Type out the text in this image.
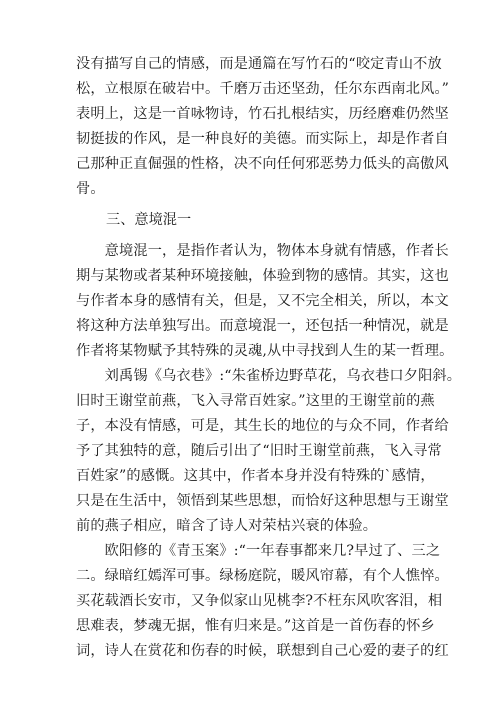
没有描写自己的情感，而是通篇在写竹石的“咬定青山不放
松，立根原在破岩中。千磨万击还坚劲，任尔东西南北风。”
表明上，这是一首咏物诗，竹石扎根结实，历经磨难仍然坚
韧挺拔的作风，是一种良好的美德。而实际上，却是作者自
己那种正直倔强的性格，决不向任何邪恶势力低头的高傲风
骨。

三、意境混一

　　意境混一，是指作者认为，物体本身就有情感，作者长
期与某物或者某种环境接触，体验到物的感情。其实，这也
与作者本身的感情有关，但是，又不完全相关，所以，本文
将这种方法单独写出。而意境混一，还包括一种情况，就是
作者将某物赋予其特殊的灵魂,从中寻找到人生的某一哲理。

　　刘禹锡《乌衣巷》:“朱雀桥边野草花，乌衣巷口夕阳斜。
旧时王谢堂前燕，飞入寻常百姓家。”这里的王谢堂前的燕
子，本没有情感，可是，其生长的地位的与众不同，作者给
予了其独特的意，随后引出了“旧时王谢堂前燕，飞入寻常
百姓家”的感慨。这其中，作者本身并没有特殊的`感情，
只是在生活中，领悟到某些思想，而恰好这种思想与王谢堂
前的燕子相应，暗含了诗人对荣枯兴衰的体验。

　　欧阳修的《青玉案》:“一年春事都来几?早过了、三之
二。绿暗红嫣浑可事。绿杨庭院，暖风帘幕，有个人憔悴。
买花载酒长安市，又争似家山见桃李?不枉东风吹客泪，相
思难表，梦魂无据，惟有归来是。”这首是一首伤春的怀乡
词，诗人在赏花和伤春的时候，联想到自己心爱的妻子的红
